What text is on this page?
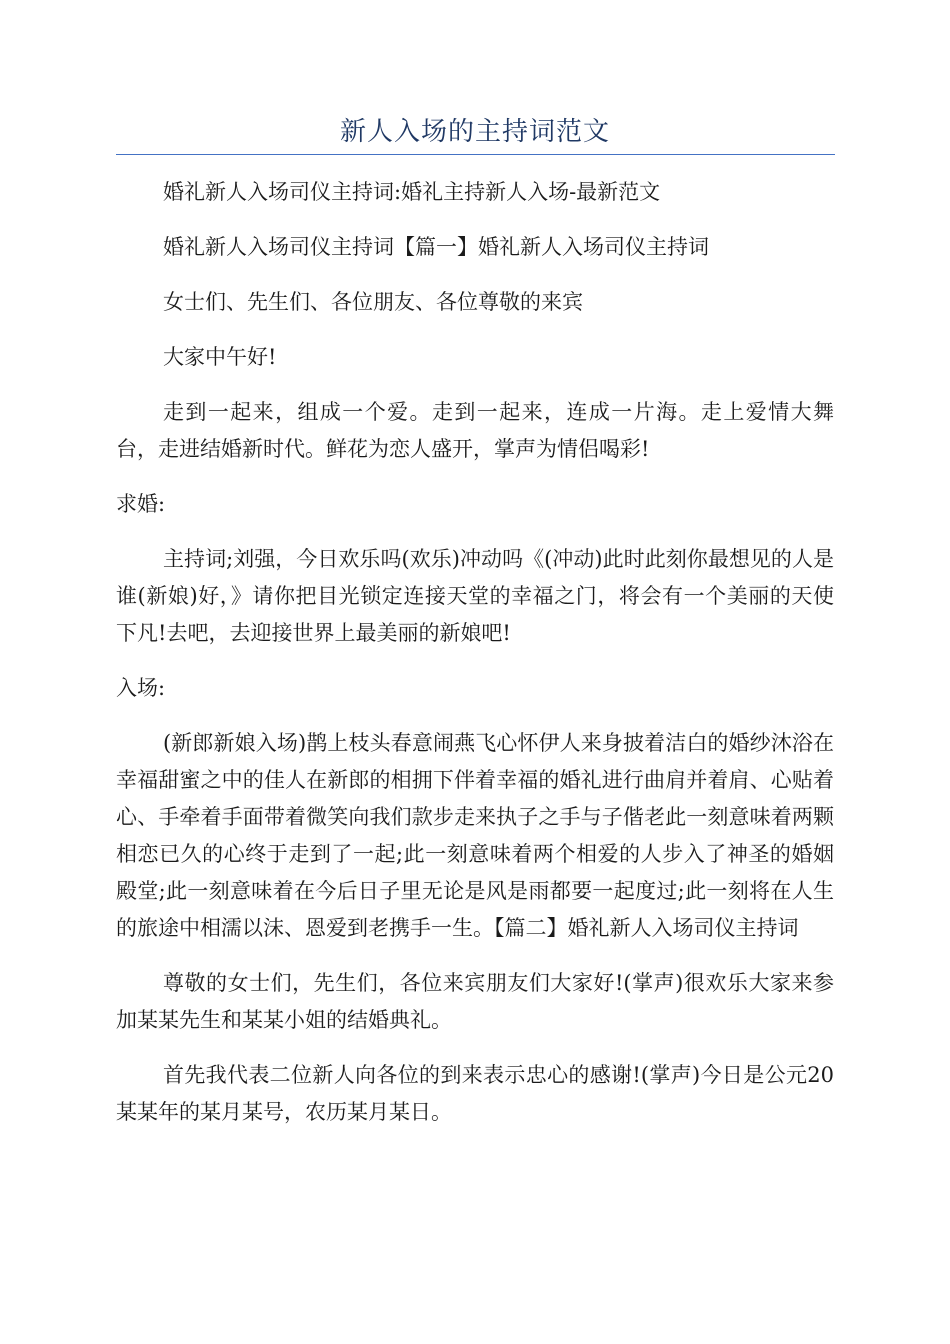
新人入场的主持词范文

婚礼新人入场司仪主持词:婚礼主持新人入场-最新范文

婚礼新人入场司仪主持词【篇一】婚礼新人入场司仪主持词

女士们、先生们、各位朋友、各位尊敬的来宾

大家中午好!

走到一起来，组成一个爱。走到一起来，连成一片海。走上爱情大舞台，走进结婚新时代。鲜花为恋人盛开，掌声为情侣喝彩!

求婚:

主持词;刘强，今日欢乐吗(欢乐)冲动吗《(冲动)此时此刻你最想见的人是谁(新娘)好，》请你把目光锁定连接天堂的幸福之门，将会有一个美丽的天使下凡!去吧，去迎接世界上最美丽的新娘吧!

入场:

(新郎新娘入场)鹊上枝头春意闹燕飞心怀伊人来身披着洁白的婚纱沐浴在幸福甜蜜之中的佳人在新郎的相拥下伴着幸福的婚礼进行曲肩并着肩、心贴着心、手牵着手面带着微笑向我们款步走来执子之手与子偕老此一刻意味着两颗相恋已久的心终于走到了一起;此一刻意味着两个相爱的人步入了神圣的婚姻殿堂;此一刻意味着在今后日子里无论是风是雨都要一起度过;此一刻将在人生的旅途中相濡以沫、恩爱到老携手一生。【篇二】婚礼新人入场司仪主持词

尊敬的女士们，先生们，各位来宾朋友们大家好!(掌声)很欢乐大家来参加某某先生和某某小姐的结婚典礼。

首先我代表二位新人向各位的到来表示忠心的感谢!(掌声)今日是公元20某某年的某月某号，农历某月某日。
